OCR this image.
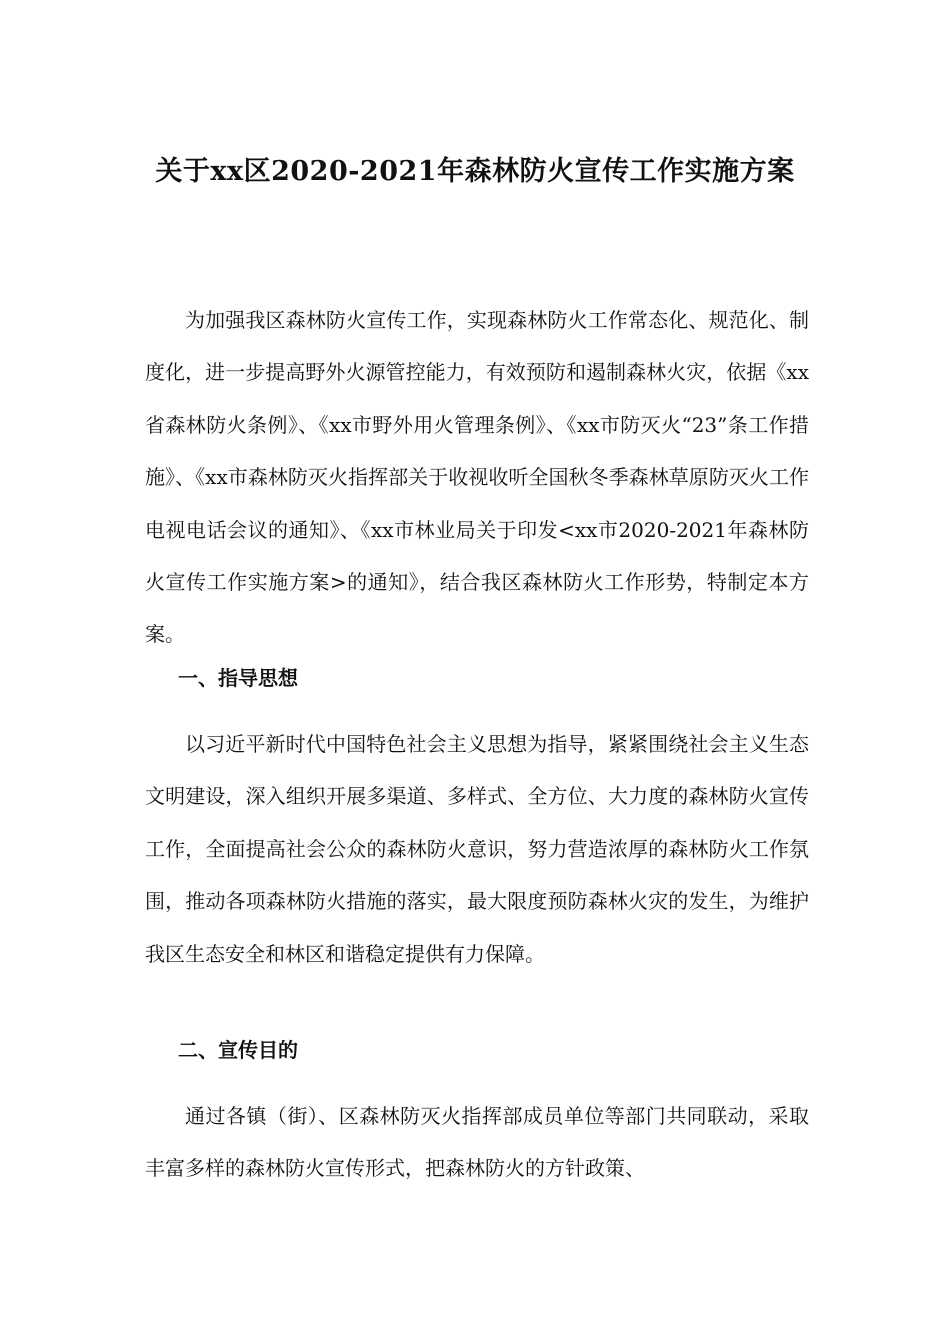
关于xx区2020-2021年森林防火宣传工作实施方案

为加强我区森林防火宣传工作，实现森林防火工作常态化、规范化、制度化，进一步提高野外火源管控能力，有效预防和遏制森林火灾，依据《xx省森林防火条例》、《xx市野外用火管理条例》、《xx市防灭火“23”条工作措施》、《xx市森林防灭火指挥部关于收视收听全国秋冬季森林草原防灭火工作电视电话会议的通知》、《xx市林业局关于印发<xx市2020-2021年森林防火宣传工作实施方案>的通知》，结合我区森林防火工作形势，特制定本方案。

一、指导思想

以习近平新时代中国特色社会主义思想为指导，紧紧围绕社会主义生态文明建设，深入组织开展多渠道、多样式、全方位、大力度的森林防火宣传工作，全面提高社会公众的森林防火意识，努力营造浓厚的森林防火工作氛围，推动各项森林防火措施的落实，最大限度预防森林火灾的发生，为维护我区生态安全和林区和谐稳定提供有力保障。

二、宣传目的

通过各镇（街）、区森林防灭火指挥部成员单位等部门共同联动，采取丰富多样的森林防火宣传形式，把森林防火的方针政策、
